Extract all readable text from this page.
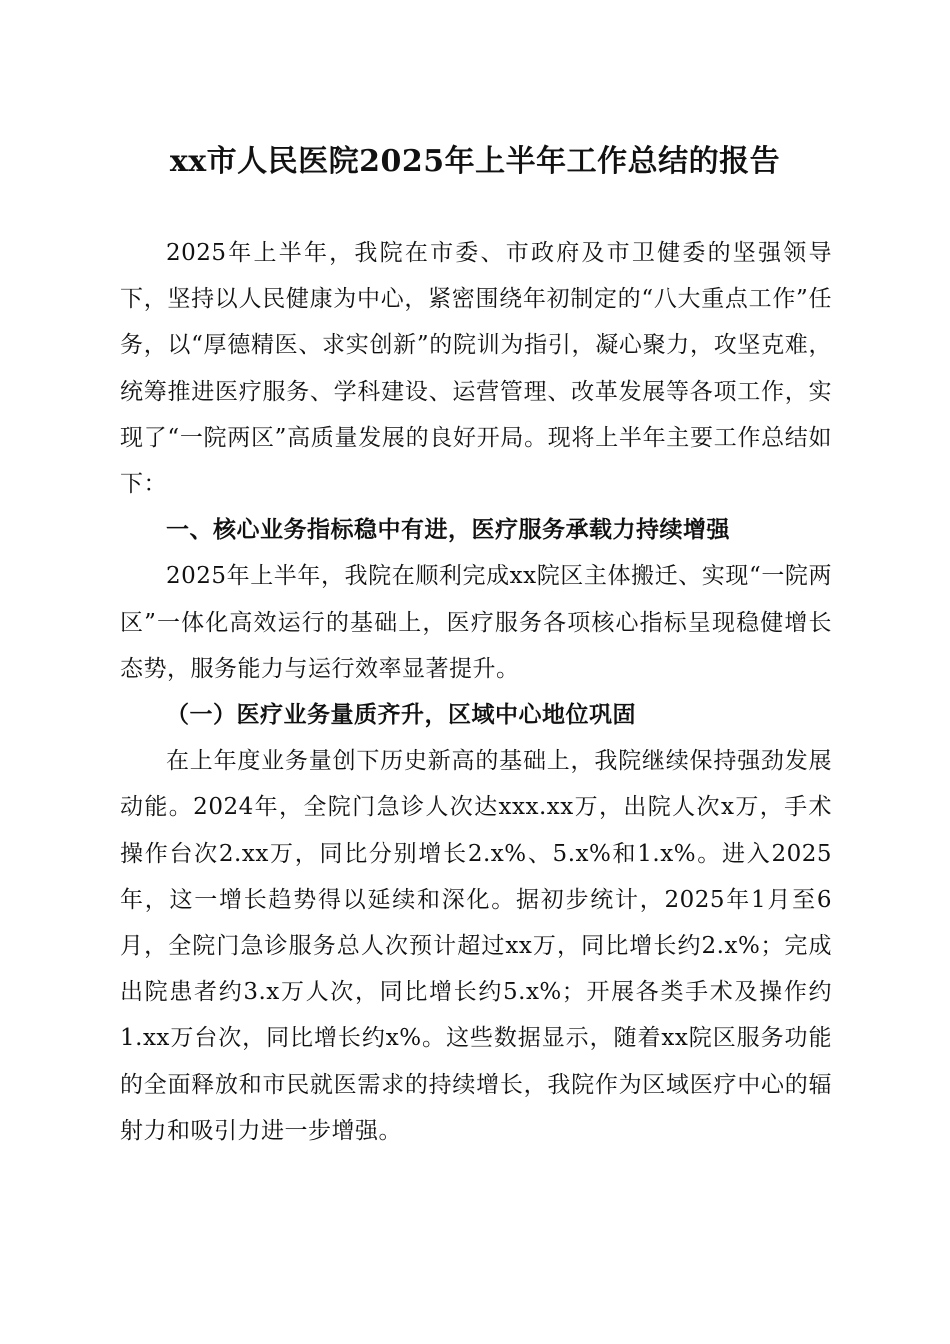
xx市人民医院2025年上半年工作总结的报告

2025年上半年，我院在市委、市政府及市卫健委的坚强领导下，坚持以人民健康为中心，紧密围绕年初制定的“八大重点工作”任务，以“厚德精医、求实创新”的院训为指引，凝心聚力，攻坚克难，统筹推进医疗服务、学科建设、运营管理、改革发展等各项工作，实现了“一院两区”高质量发展的良好开局。现将上半年主要工作总结如下：

一、核心业务指标稳中有进，医疗服务承载力持续增强

2025年上半年，我院在顺利完成xx院区主体搬迁、实现“一院两区”一体化高效运行的基础上，医疗服务各项核心指标呈现稳健增长态势，服务能力与运行效率显著提升。

（一）医疗业务量质齐升，区域中心地位巩固

在上年度业务量创下历史新高的基础上，我院继续保持强劲发展动能。2024年，全院门急诊人次达xxx.xx万，出院人次x万，手术操作台次2.xx万，同比分别增长2.x%、5.x%和1.x%。进入2025年，这一增长趋势得以延续和深化。据初步统计，2025年1月至6月，全院门急诊服务总人次预计超过xx万，同比增长约2.x%；完成出院患者约3.x万人次，同比增长约5.x%；开展各类手术及操作约1.xx万台次，同比增长约x%。这些数据显示，随着xx院区服务功能的全面释放和市民就医需求的持续增长，我院作为区域医疗中心的辐射力和吸引力进一步增强。
